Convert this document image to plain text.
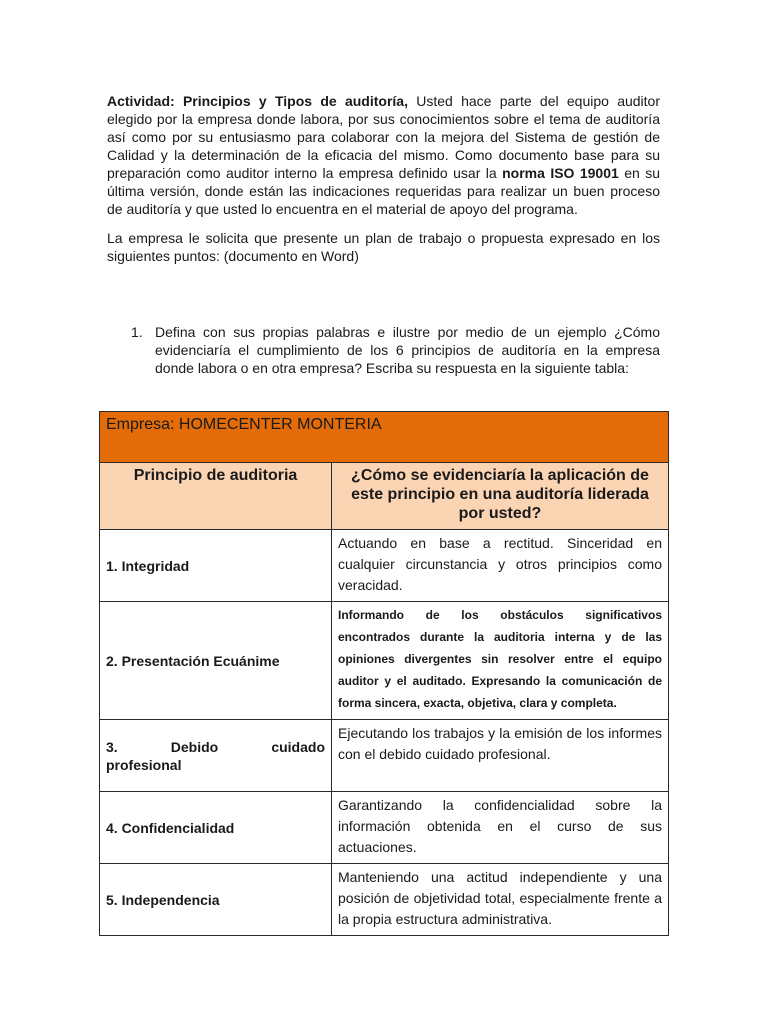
Actividad: Principios y Tipos de auditoría, Usted hace parte del equipo auditor elegido por la empresa donde labora, por sus conocimientos sobre el tema de auditoría así como por su entusiasmo para colaborar con la mejora del Sistema de gestión de Calidad y la determinación de la eficacia del mismo. Como documento base para su preparación como auditor interno la empresa definido usar la norma ISO 19001 en su última versión, donde están las indicaciones requeridas para realizar un buen proceso de auditoría y que usted lo encuentra en el material de apoyo del programa.

La empresa le solicita que presente un plan de trabajo o propuesta expresado en los siguientes puntos: (documento en Word)

1. Defina con sus propias palabras e ilustre por medio de un ejemplo ¿Cómo evidenciaría el cumplimiento de los 6 principios de auditoría en la empresa donde labora o en otra empresa? Escriba su respuesta en la siguiente tabla:
Empresa: HOMECENTER MONTERIA	
Principio de auditoria	¿Cómo se evidenciaría la aplicación de este principio en una auditoría liderada por usted?
1. Integridad	Actuando en base a rectitud. Sinceridad en cualquier circunstancia y otros principios como veracidad.
2. Presentación Ecuánime	Informando de los obstáculos significativos encontrados durante la auditoria interna y de las opiniones divergentes sin resolver entre el equipo auditor y el auditado. Expresando la comunicación de forma sincera, exacta, objetiva, clara y completa.

3. Debido cuidado
profesional	Ejecutando los trabajos y la emisión de los informes con el debido cuidado profesional.
4. Confidencialidad	Garantizando la confidencialidad sobre la información obtenida en el curso de sus actuaciones.
5. Independencia	Manteniendo una actitud independiente y una posición de objetividad total, especialmente frente a la propia estructura administrativa.
